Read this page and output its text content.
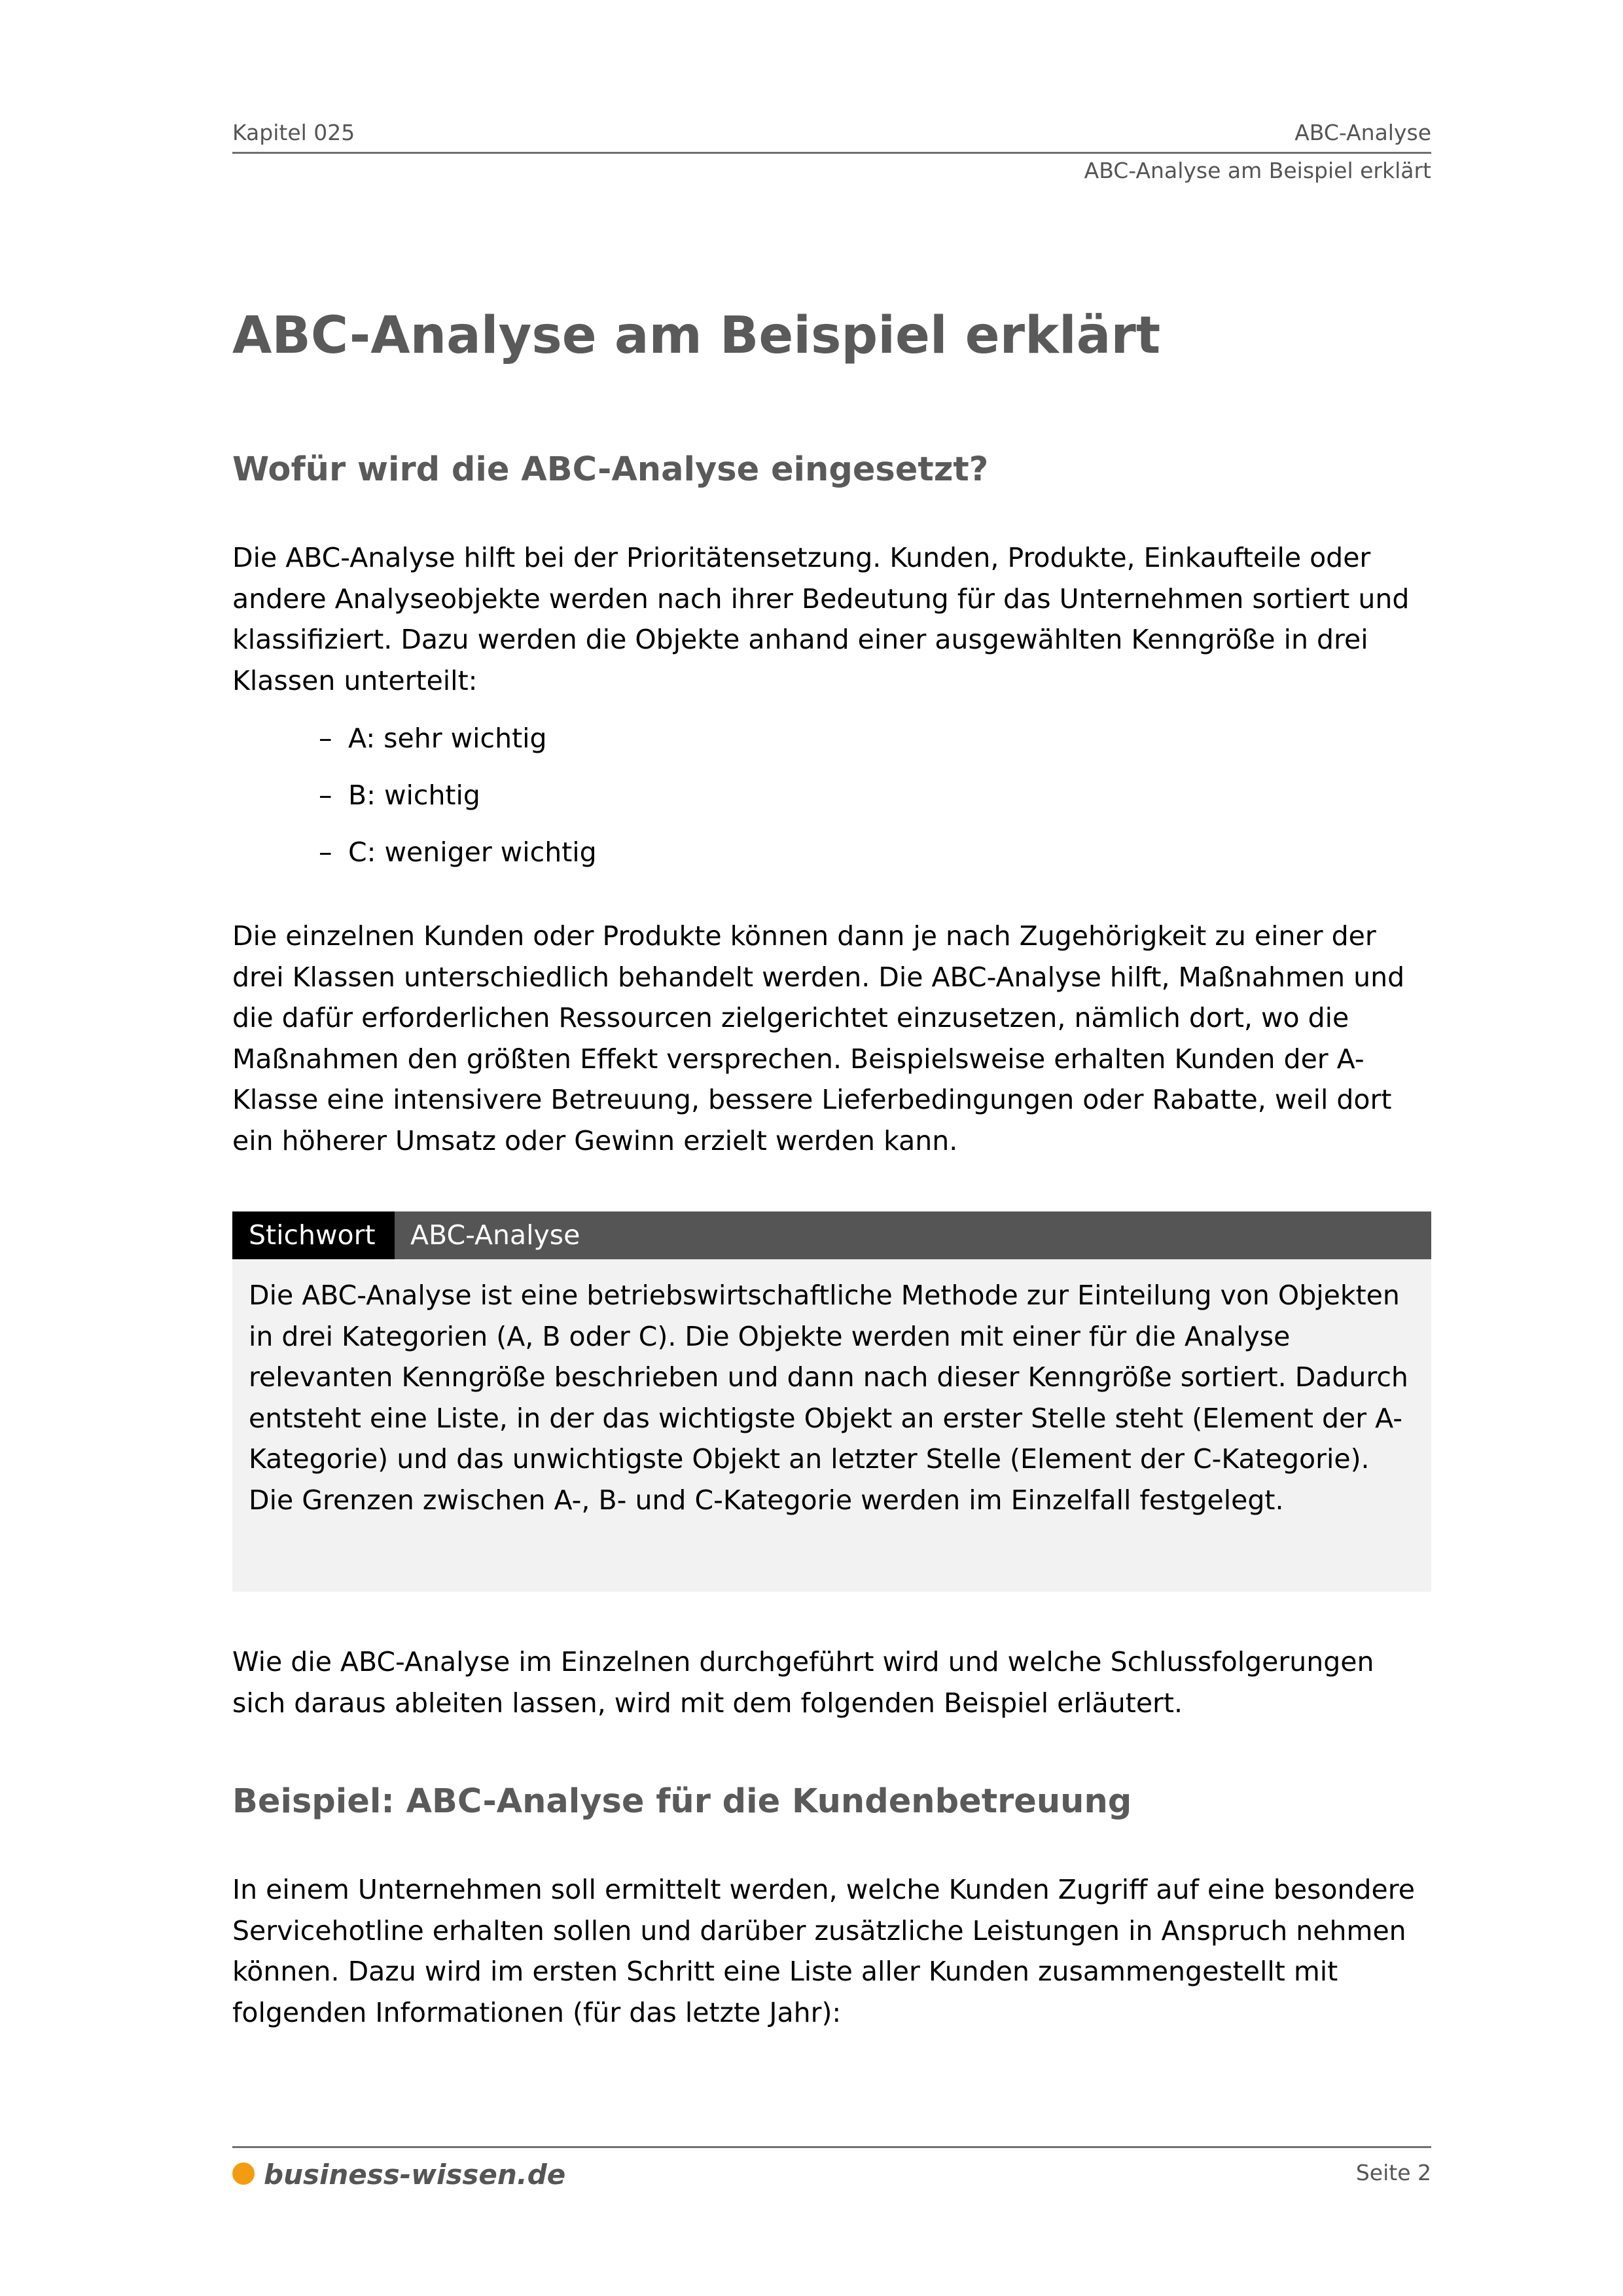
Kapitel 025	ABC-Analyse
ABC-Analyse am Beispiel erklärt
ABC-Analyse am Beispiel erklärt
Wofür wird die ABC-Analyse eingesetzt?

Die ABC-Analyse hilft bei der Prioritätensetzung. Kunden, Produkte, Einkaufteile oder andere Analyseobjekte werden nach ihrer Bedeutung für das Unternehmen sortiert und klassifiziert. Dazu werden die Objekte anhand einer ausgewählten Kenngröße in drei Klassen unterteilt:

– A: sehr wichtig
– B: wichtig
– C: weniger wichtig

Die einzelnen Kunden oder Produkte können dann je nach Zugehörigkeit zu einer der drei Klassen unterschiedlich behandelt werden. Die ABC-Analyse hilft, Maßnahmen und die dafür erforderlichen Ressourcen zielgerichtet einzusetzen, nämlich dort, wo die Maßnahmen den größten Effekt versprechen. Beispielsweise erhalten Kunden der A-Klasse eine intensivere Betreuung, bessere Lieferbedingungen oder Rabatte, weil dort ein höherer Umsatz oder Gewinn erzielt werden kann.

Stichwort	ABC-Analyse

Die ABC-Analyse ist eine betriebswirtschaftliche Methode zur Einteilung von Objekten in drei Kategorien (A, B oder C). Die Objekte werden mit einer für die Analyse relevanten Kenngröße beschrieben und dann nach dieser Kenngröße sortiert. Dadurch entsteht eine Liste, in der das wichtigste Objekt an erster Stelle steht (Element der A-Kategorie) und das unwichtigste Objekt an letzter Stelle (Element der C-Kategorie). Die Grenzen zwischen A-, B- und C-Kategorie werden im Einzelfall festgelegt.

Wie die ABC-Analyse im Einzelnen durchgeführt wird und welche Schlussfolgerungen sich daraus ableiten lassen, wird mit dem folgenden Beispiel erläutert.

Beispiel: ABC-Analyse für die Kundenbetreuung

In einem Unternehmen soll ermittelt werden, welche Kunden Zugriff auf eine besondere Servicehotline erhalten sollen und darüber zusätzliche Leistungen in Anspruch nehmen können. Dazu wird im ersten Schritt eine Liste aller Kunden zusammengestellt mit folgenden Informationen (für das letzte Jahr):

business-wissen.de	Seite 2
